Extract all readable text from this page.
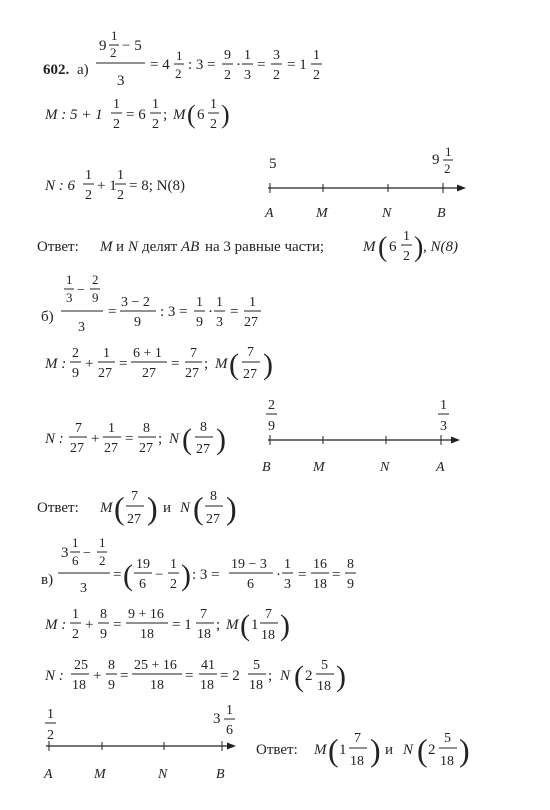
602. а)
9
1
2 − 5
3
= 4
1
2
: 3 =
9
2
·
1
3
=
3
2
= 1
1
2
M : 5 + 1
1
2
= 6
1
2
; M ( 6
1
2 )
N : 6
1
2
+ 1
1
2
= 8; N(8)
5	9
1
2
A	M	N	B
Ответ: M и N делят AB на 3 равные части;	M ( 6
1
2 ) , N(8)
б)
1
3 −
2
9
3
=
3 − 2
9
: 3 =
1
9
·
1
3
=
1
27
M :
2
9
+
1
27
=
6 + 1
27
=
7
27
; M ( 7
27 )
N :
7
27
+
1
27
=
8
27
; N ( 8
27 )
2
9
1
3
B	M	N	A
Ответ: M ( 7
27 ) и N ( 8
27 )
в)
3
1
6 −
1
2
3
= ( 19
6
−
1
2 ) : 3 =
19 − 3
6
·
1
3
=
16
18
=
8
9
M :
1
2
+
8
9
=
9 + 16
18
= 1
7
18
; M ( 1
7
18 )
N :
25
18
+
8
9
=
25 + 16
18
=
41
18
= 2
5
18
; N ( 2
5
18 )
1
2
3
1
6
A	M	N	B
Ответ: M ( 1
7
18 ) и N ( 2
5
18 )
